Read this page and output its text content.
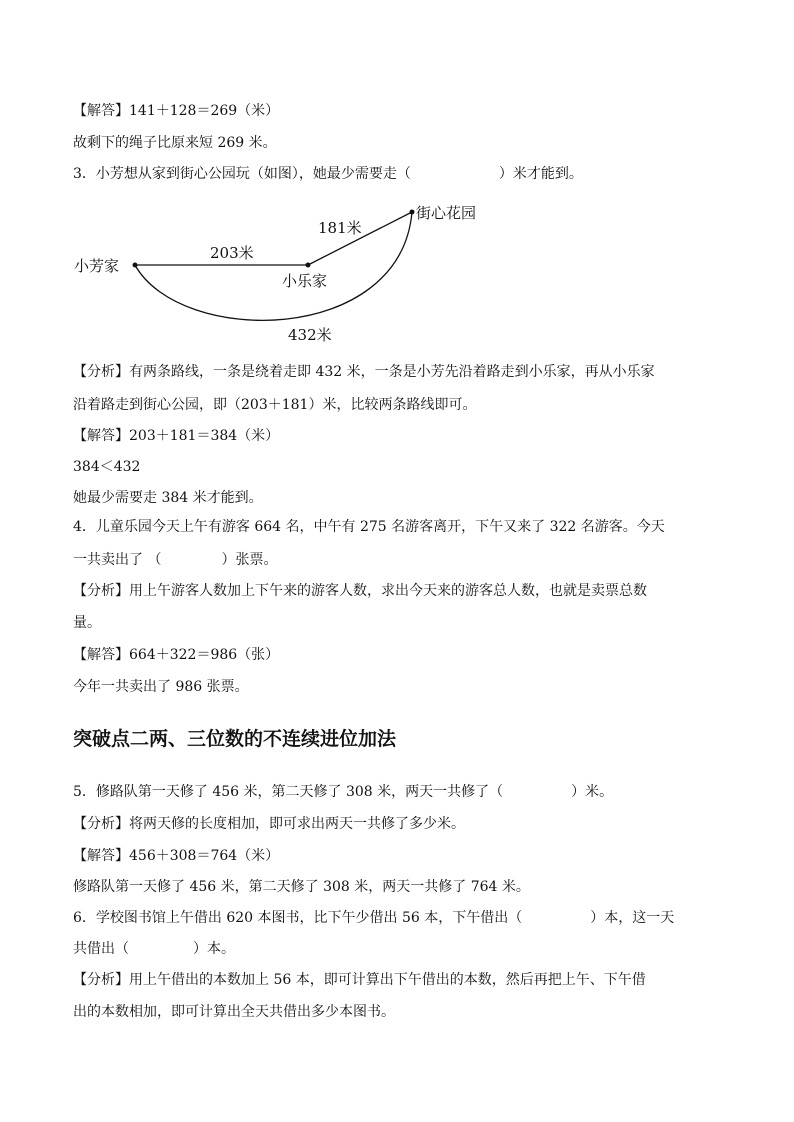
【解答】141＋128＝269（米）
故剩下的绳子比原来短 269 米。
3．小芳想从家到街心公园玩（如图），她最少需要走（	）米才能到。
小芳家
小乐家
街心花园
203米
181米
432米
【分析】有两条路线，一条是绕着走即 432 米，一条是小芳先沿着路走到小乐家，再从小乐家
沿着路走到街心公园，即（203＋181）米，比较两条路线即可。
【解答】203＋181＝384（米）
384＜432
她最少需要走 384 米才能到。
4．儿童乐园今天上午有游客 664 名，中午有 275 名游客离开，下午又来了 322 名游客。今天
一共卖出了 （	）张票。
【分析】用上午游客人数加上下午来的游客人数，求出今天来的游客总人数，也就是卖票总数
量。
【解答】664＋322＝986（张）
今年一共卖出了 986 张票。
突破点二两、三位数的不连续进位加法
5．修路队第一天修了 456 米，第二天修了 308 米，两天一共修了（	）米。
【分析】将两天修的长度相加，即可求出两天一共修了多少米。
【解答】456＋308＝764（米）
修路队第一天修了 456 米，第二天修了 308 米，两天一共修了 764 米。
6．学校图书馆上午借出 620 本图书，比下午少借出 56 本，下午借出（	）本，这一天
共借出（	）本。
【分析】用上午借出的本数加上 56 本，即可计算出下午借出的本数，然后再把上午、下午借
出的本数相加，即可计算出全天共借出多少本图书。
